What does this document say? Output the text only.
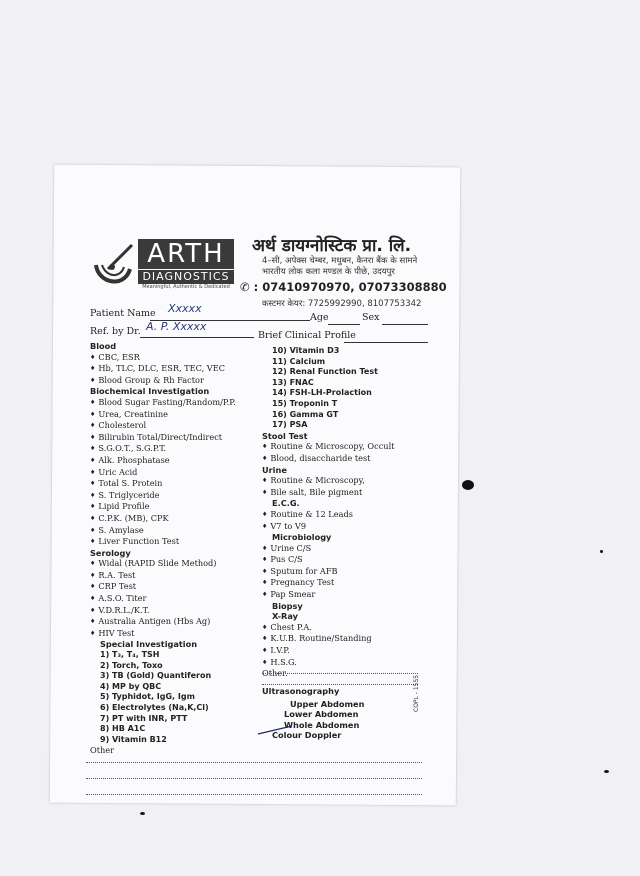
ARTH
DIAGNOSTICS
Meaningful, Authentic & Dedicated
अर्थ डायग्नोस्टिक प्रा. लि.
4–सी, अपेक्स चेम्बर, मधुबन, कैनरा बैंक के सामने
भारतीय लोक कला मण्डल के पीछे, उदयपुर
✆ : 07410970970, 07073308880
कस्टमर केयर: 7725992990, 8107753342
Patient Name Xxxxx
Age	Sex
Ref. by Dr. A. P. Xxxxx
Brief Clinical Profile
Blood
♦ CBC, ESR
♦ Hb, TLC, DLC, ESR, TEC, VEC
♦ Blood Group & Rh Factor
Biochemical Investigation
♦ Blood Sugar Fasting/Random/P.P.
♦ Urea, Creatinine
♦ Cholesterol
♦ Bilirubin Total/Direct/Indirect
♦ S.G.O.T., S.G.P.T.
♦ Alk. Phosphatase
♦ Uric Acid
♦ Total S. Protein
♦ S. Triglyceride
♦ Lipid Profile
♦ C.P.K. (MB), CPK
♦ S. Amylase
♦ Liver Function Test
Serology
♦ Widal (RAPID Slide Method)
♦ R.A. Test
♦ CRP Test
♦ A.S.O. Titer
♦ V.D.R.L./K.T.
♦ Australia Antigen (Hbs Ag)
♦ HIV Test
Special Investigation
1) T₃, T₄, TSH
2) Torch, Toxo
3) TB (Gold) Quantiferon
4) MP by QBC
5) Typhidot, IgG, Igm
6) Electrolytes (Na,K,Cl)
7) PT with INR, PTT
8) HB A1C
9) Vitamin B12
Other
10) Vitamin D3
11) Calcium
12) Renal Function Test
13) FNAC
14) FSH-LH-Prolaction
15) Troponin T
16) Gamma GT
17) PSA
Stool Test
♦ Routine & Microscopy, Occult
♦ Blood, disaccharide test
Urine
♦ Routine & Microscopy,
♦ Bile salt, Bile pigment
E.C.G.
♦ Routine & 12 Leads
♦ V7 to V9
Microbiology
♦ Urine C/S
♦ Pus C/S
♦ Sputum for AFB
♦ Pregnancy Test
♦ Pap Smear
Biopsy
X-Ray
♦ Chest P.A.
♦ K.U.B. Routine/Standing
♦ I.V.P.
♦ H.S.G.
Other.
Ultrasonography
Upper Abdomen
Lower Abdomen
Whole Abdomen
Colour Doppler
COPL - 1555
